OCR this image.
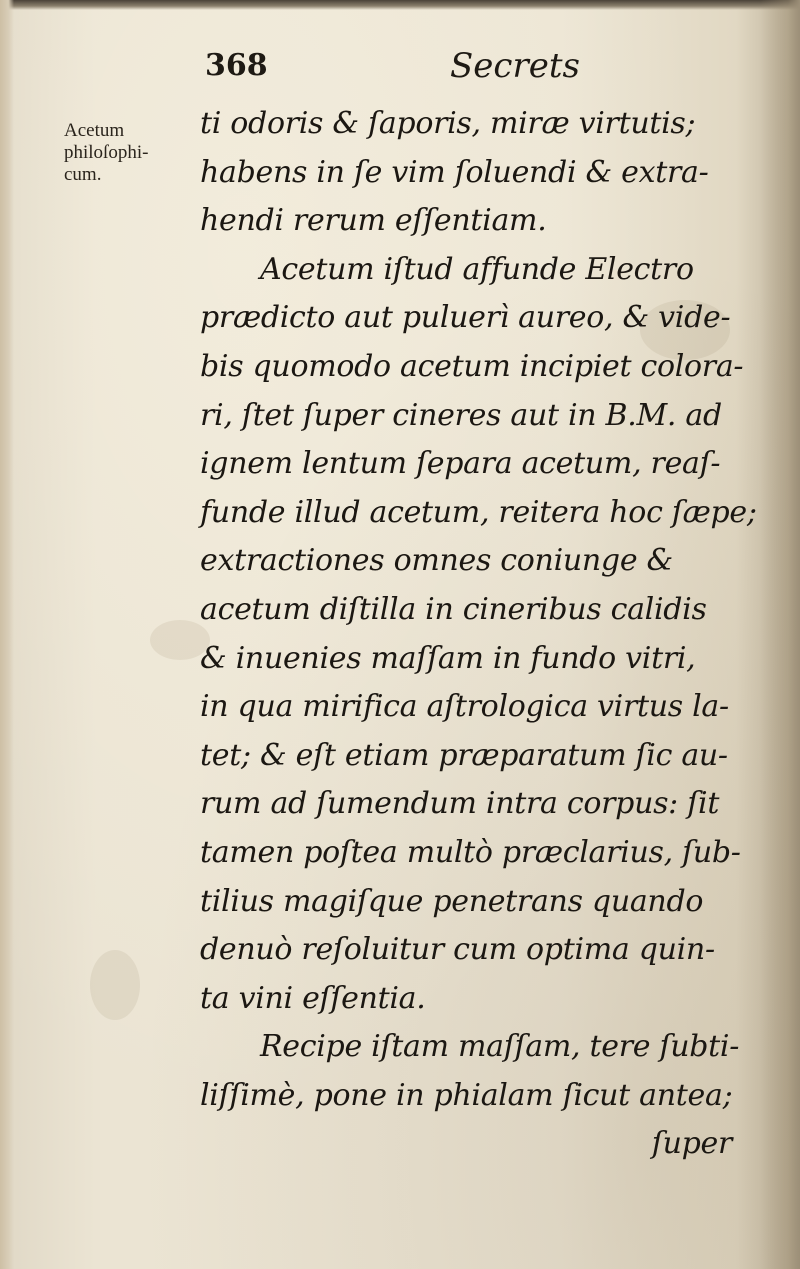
368	Secrets
Acetum
philoſophi-
cum.
ti odoris & ſaporis, miræ virtutis;
habens in ſe vim ſoluendi & extra-
hendi rerum eſſentiam.
Acetum iſtud affunde Electro
prædicto aut puluerì aureo, & vide-
bis quomodo acetum incipiet colora-
ri, ſtet ſuper cineres aut in B.M. ad
ignem lentum ſepara acetum, reaſ-
funde illud acetum, reitera hoc ſæpe;
extractiones omnes coniunge &
acetum diſtilla in cineribus calidis
& inuenies maſſam in fundo vitri,
in qua mirifica aſtrologica virtus la-
tet; & eſt etiam præparatum ſic au-
rum ad ſumendum intra corpus: ſit
tamen poſtea multò præclarius, ſub-
tilius magiſque penetrans quando
denuò reſoluitur cum optima quin-
ta vini eſſentia.
Recipe iſtam maſſam, tere ſubti-
liſſimè, pone in phialam ſicut antea;
ſuper
